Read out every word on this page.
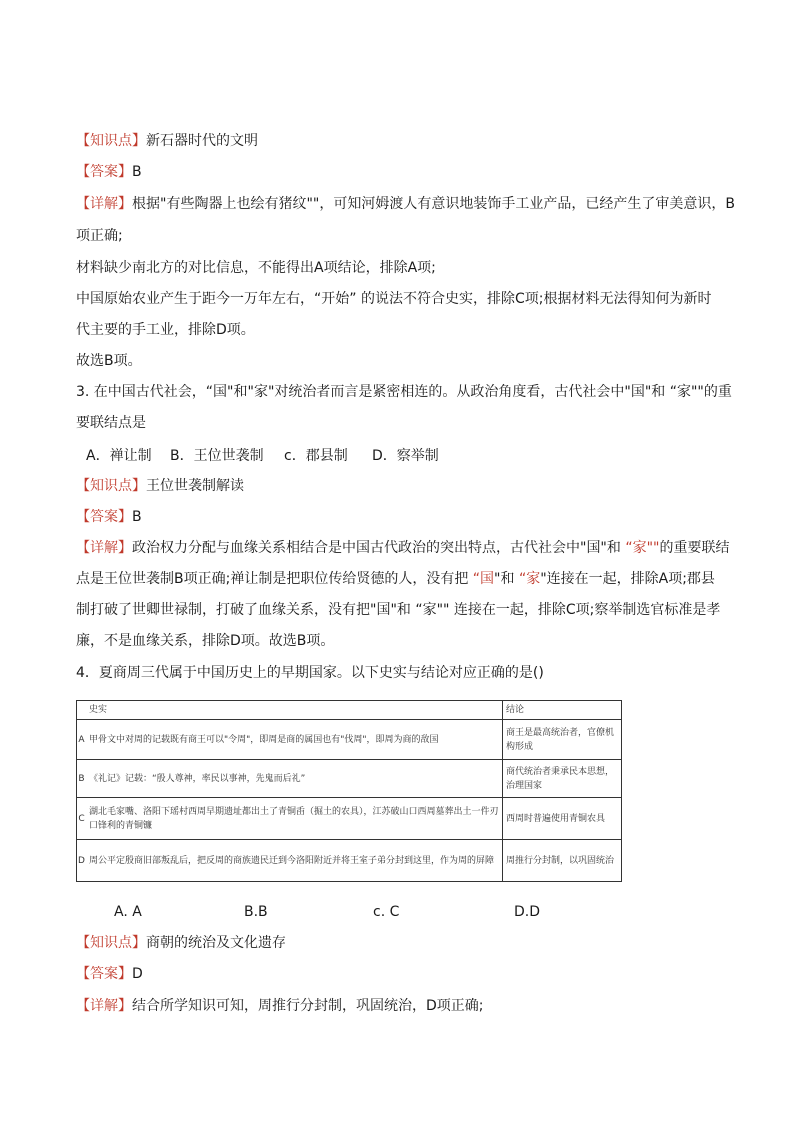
【知识点】新石器时代的文明
【答案】B
【详解】根据"有些陶器上也绘有猪纹""，可知河姆渡人有意识地装饰手工业产品，已经产生了审美意识，B
项正确;
材料缺少南北方的对比信息，不能得出A项结论，排除A项;
中国原始农业产生于距今一万年左右，“开始” 的说法不符合史实，排除C项;根据材料无法得知何为新时
代主要的手工业，排除D项。
故选B项。
3. 在中国古代社会，“国"和"家"对统治者而言是紧密相连的。从政治角度看，古代社会中"国"和 “家""的重
要联结点是
A．禅让制 B．王位世袭制 c．郡县制 D．察举制
【知识点】王位世袭制解读
【答案】B
【详解】政治权力分配与血缘关系相结合是中国古代政治的突出特点，古代社会中"国"和 “家""的重要联结
点是王位世袭制B项正确;禅让制是把职位传给贤德的人，没有把 “国"和 “家"连接在一起，排除A项;郡县
制打破了世卿世禄制，打破了血缘关系，没有把"国"和 “家"" 连接在一起，排除C项;察举制选官标准是孝
廉，不是血缘关系，排除D项。故选B项。
4．夏商周三代属于中国历史上的早期国家。以下史实与结论对应正确的是()
	史实	结论
A	甲骨文中对周的记载既有商王可以"令周"，即周是商的属国也有"伐周"，即周为商的敌国	商王是最高统治者，官僚机构形成
B	《礼记》记载：“殷人尊神，率民以事神，先鬼而后礼”	商代统治者秉承民本思想，治理国家
C	湖北毛家嘴、洛阳下瑶村西周早期遗址都出土了青铜臿（掘土的农具），江苏破山口西周墓葬出土一件刃口锋利的青铜镰	西周时普遍使用青铜农具
D	周公平定殷商旧部叛乱后，把反周的商族遗民迁到今洛阳附近并将王室子弟分封到这里，作为周的屏障	周推行分封制，以巩固统治
A. A	B.B	c. C	D.D
【知识点】商朝的统治及文化遗存
【答案】D
【详解】结合所学知识可知，周推行分封制，巩固统治，D项正确;
